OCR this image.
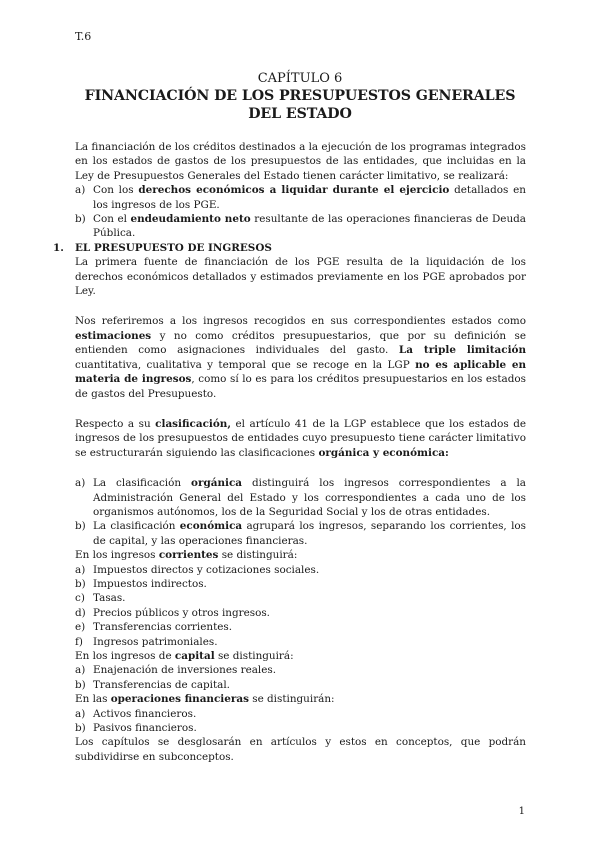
T.6
CAPÍTULO 6
FINANCIACIÓN DE LOS PRESUPUESTOS GENERALES DEL ESTADO

La financiación de los créditos destinados a la ejecución de los programas integrados en los estados de gastos de los presupuestos de las entidades, que incluidas en la Ley de Presupuestos Generales del Estado tienen carácter limitativo, se realizará:

a) Con los derechos económicos a liquidar durante el ejercicio detallados en los ingresos de los PGE.
b) Con el endeudamiento neto resultante de las operaciones financieras de Deuda Pública.
1. EL PRESUPUESTO DE INGRESOS

La primera fuente de financiación de los PGE resulta de la liquidación de los derechos económicos detallados y estimados previamente en los PGE aprobados por Ley.

Nos referiremos a los ingresos recogidos en sus correspondientes estados como estimaciones y no como créditos presupuestarios, que por su definición se entienden como asignaciones individuales del gasto. La triple limitación cuantitativa, cualitativa y temporal que se recoge en la LGP no es aplicable en materia de ingresos, como sí lo es para los créditos presupuestarios en los estados de gastos del Presupuesto.

Respecto a su clasificación, el artículo 41 de la LGP establece que los estados de ingresos de los presupuestos de entidades cuyo presupuesto tiene carácter limitativo se estructurarán siguiendo las clasificaciones orgánica y económica:

a) La clasificación orgánica distinguirá los ingresos correspondientes a la Administración General del Estado y los correspondientes a cada uno de los organismos autónomos, los de la Seguridad Social y los de otras entidades.
b) La clasificación económica agrupará los ingresos, separando los corrientes, los de capital, y las operaciones financieras.

En los ingresos corrientes se distinguirá:

a) Impuestos directos y cotizaciones sociales.
b) Impuestos indirectos.
c) Tasas.
d) Precios públicos y otros ingresos.
e) Transferencias corrientes.
f) Ingresos patrimoniales.

En los ingresos de capital se distinguirá:

a) Enajenación de inversiones reales.
b) Transferencias de capital.

En las operaciones financieras se distinguirán:

a) Activos financieros.
b) Pasivos financieros.

Los capítulos se desglosarán en artículos y estos en conceptos, que podrán subdividirse en subconceptos.

1
